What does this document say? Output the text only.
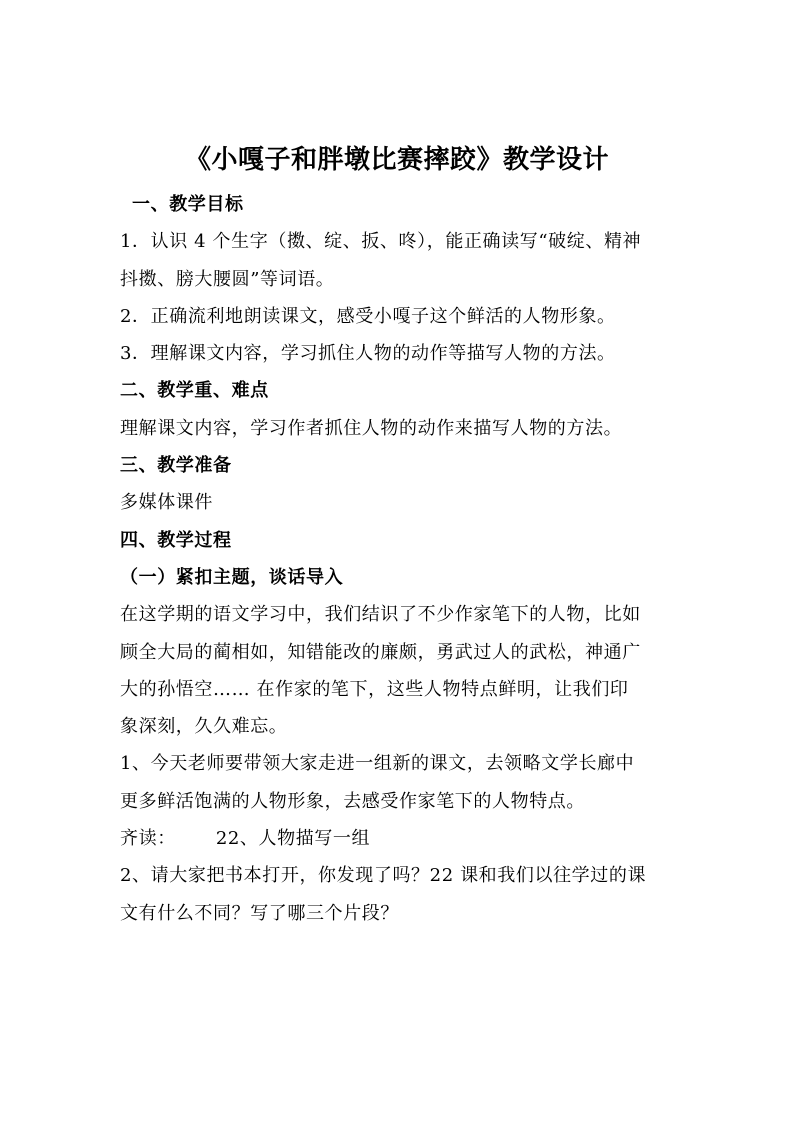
《小嘎子和胖墩比赛摔跤》教学设计
一、教学目标
1．认识 4 个生字（擞、绽、扳、咚），能正确读写“破绽、精神
抖擞、膀大腰圆”等词语。
2．正确流利地朗读课文，感受小嘎子这个鲜活的人物形象。
3．理解课文内容，学习抓住人物的动作等描写人物的方法。
二、教学重、难点
理解课文内容，学习作者抓住人物的动作来描写人物的方法。
三、教学准备
多媒体课件
四、教学过程
（一）紧扣主题，谈话导入
在这学期的语文学习中，我们结识了不少作家笔下的人物，比如
顾全大局的蔺相如，知错能改的廉颇，勇武过人的武松，神通广
大的孙悟空…… 在作家的笔下，这些人物特点鲜明，让我们印
象深刻，久久难忘。
1、今天老师要带领大家走进一组新的课文，去领略文学长廊中
更多鲜活饱满的人物形象，去感受作家笔下的人物特点。
齐读： 22、人物描写一组
2、请大家把书本打开，你发现了吗？22 课和我们以往学过的课
文有什么不同？写了哪三个片段？
